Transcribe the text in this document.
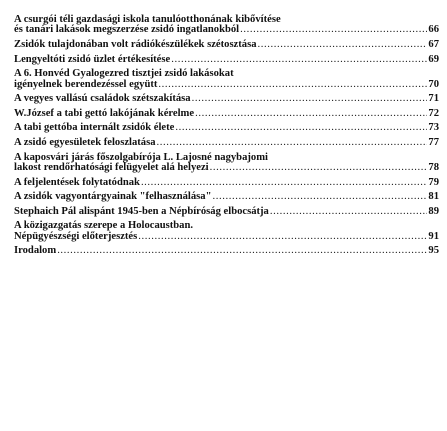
A csurgói téli gazdasági iskola tanulóotthonának kibővítése
és tanári lakások megszerzése zsidó ingatlanokból .....	66
Zsidók tulajdonában volt rádiókészülékek szétosztása .....	67
Lengyeltóti zsidó üzlet értékesítése .....	69
A 6. Honvéd Gyalogezred tisztjei zsidó lakásokat
igényelnek berendezéssel együtt .....	70
A vegyes vallású családok szétszakítása .....	71
W.József a tabi gettó lakójának kérelme .....	72
A tabi gettóba internált zsidók élete .....	73
A zsidó egyesületek feloszlatása .....	77
A kaposvári járás főszolgabírója L. Lajosné nagybajomi
lakost rendőrhatósági felügyelet alá helyezi .....	78
A feljelentések folytatódnak .....	79
A zsidók vagyontárgyainak "felhasználása" .....	81
Stephaich Pál alispánt 1945-ben a Népbíróság elbocsátja .....	89
A közigazgatás szerepe a Holocaustban.
Népügyészségi előterjesztés .....	91
Irodalom .....	95
